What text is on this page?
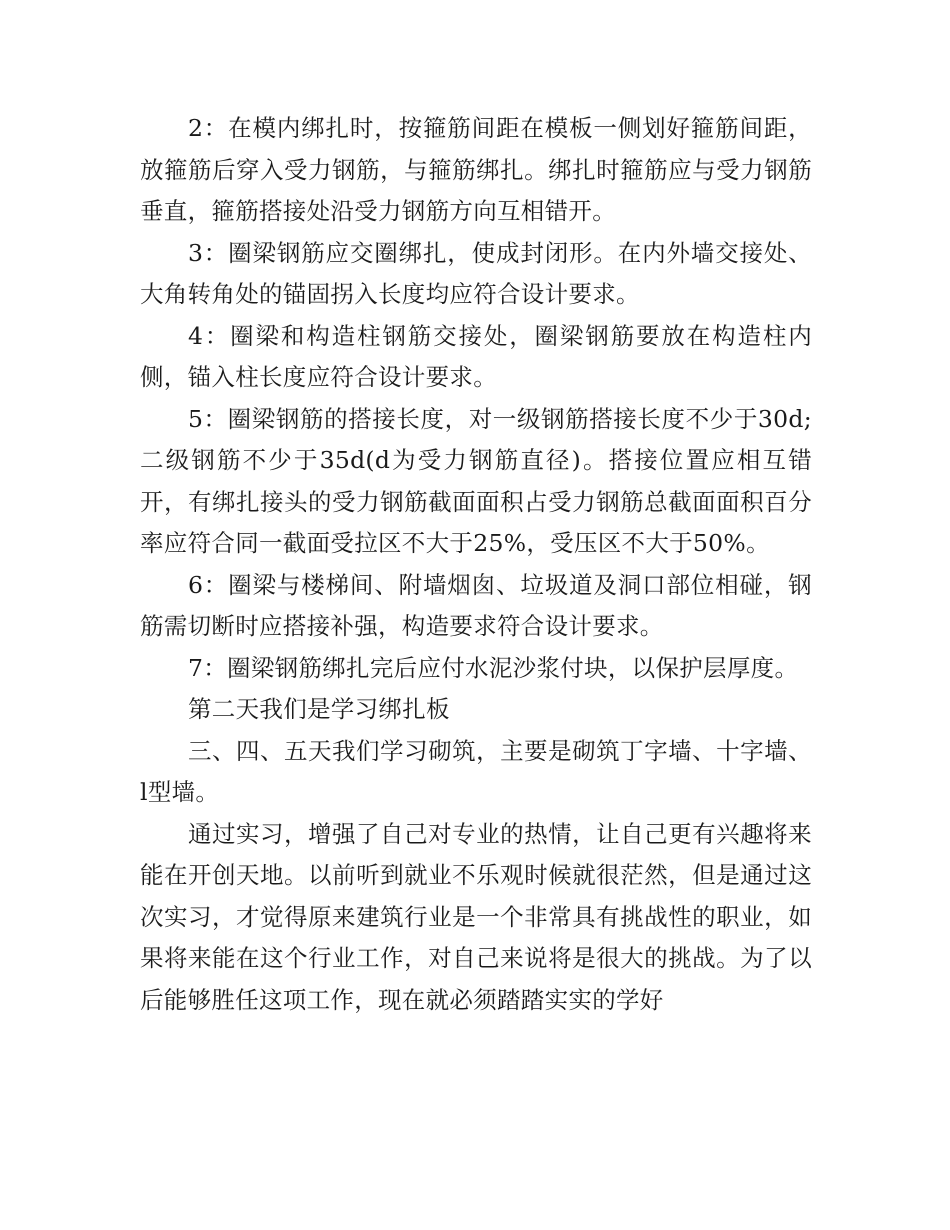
2：在模内绑扎时，按箍筋间距在模板一侧划好箍筋间距，放箍筋后穿入受力钢筋，与箍筋绑扎。绑扎时箍筋应与受力钢筋垂直，箍筋搭接处沿受力钢筋方向互相错开。

3：圈梁钢筋应交圈绑扎，使成封闭形。在内外墙交接处、大角转角处的锚固拐入长度均应符合设计要求。

4：圈梁和构造柱钢筋交接处，圈梁钢筋要放在构造柱内侧，锚入柱长度应符合设计要求。

5：圈梁钢筋的搭接长度，对一级钢筋搭接长度不少于30d;二级钢筋不少于35d(d为受力钢筋直径)。搭接位置应相互错开，有绑扎接头的受力钢筋截面面积占受力钢筋总截面面积百分率应符合同一截面受拉区不大于25%，受压区不大于50%。

6：圈梁与楼梯间、附墙烟囱、垃圾道及洞口部位相碰，钢筋需切断时应搭接补强，构造要求符合设计要求。

7：圈梁钢筋绑扎完后应付水泥沙浆付块，以保护层厚度。

第二天我们是学习绑扎板

三、四、五天我们学习砌筑，主要是砌筑丁字墙、十字墙、l型墙。

通过实习，增强了自己对专业的热情，让自己更有兴趣将来能在开创天地。以前听到就业不乐观时候就很茫然，但是通过这次实习，才觉得原来建筑行业是一个非常具有挑战性的职业，如果将来能在这个行业工作，对自己来说将是很大的挑战。为了以后能够胜任这项工作，现在就必须踏踏实实的学好
